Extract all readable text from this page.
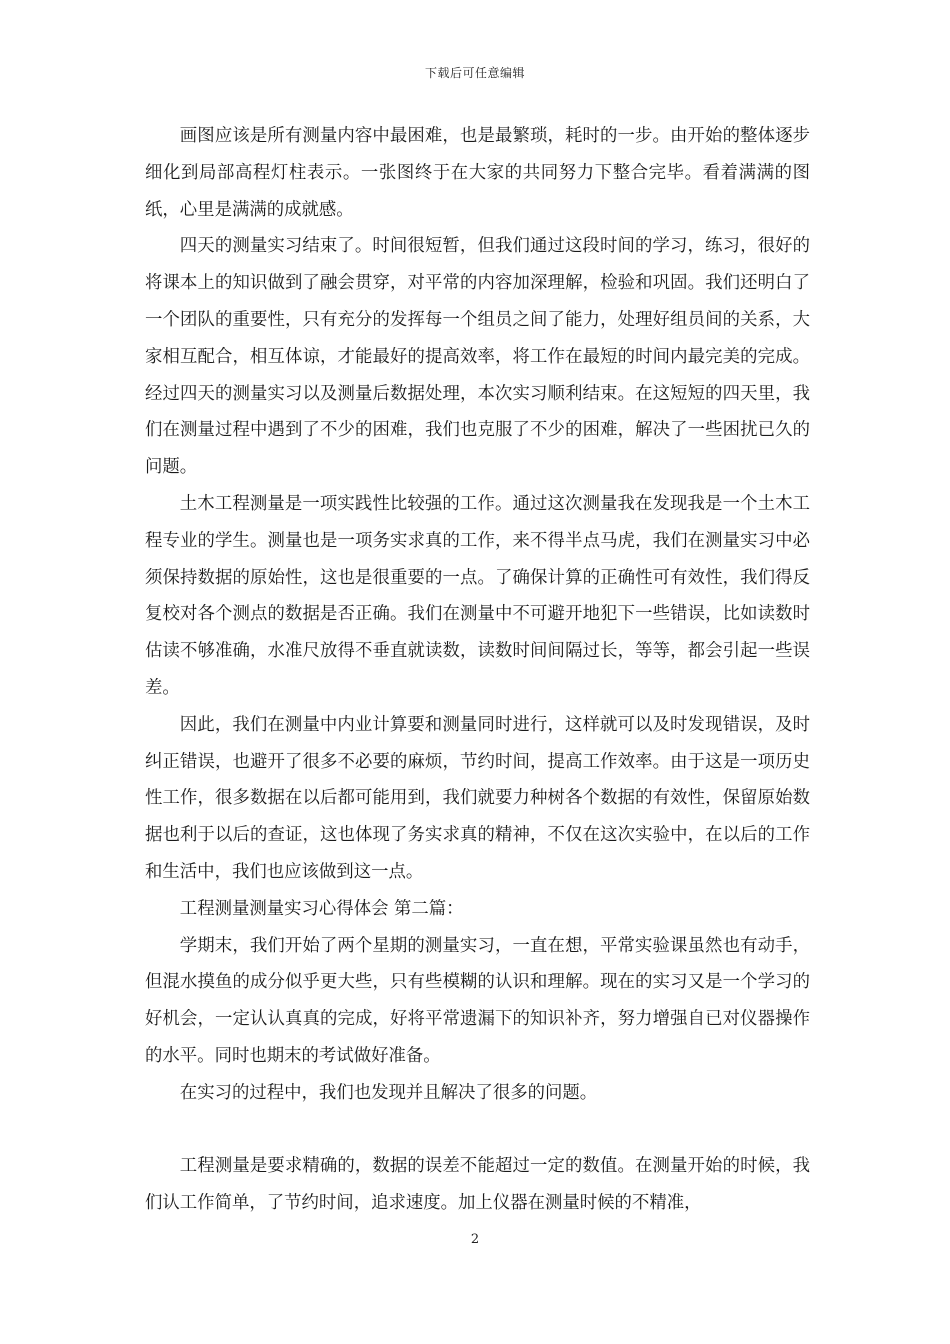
下载后可任意编辑

画图应该是所有测量内容中最困难，也是最繁琐，耗时的一步。由开始的整体逐步细化到局部高程灯柱表示。一张图终于在大家的共同努力下整合完毕。看着满满的图纸，心里是满满的成就感。

四天的测量实习结束了。时间很短暂，但我们通过这段时间的学习，练习，很好的将课本上的知识做到了融会贯穿，对平常的内容加深理解，检验和巩固。我们还明白了一个团队的重要性，只有充分的发挥每一个组员之间了能力，处理好组员间的关系，大家相互配合，相互体谅，才能最好的提高效率，将工作在最短的时间内最完美的完成。经过四天的测量实习以及测量后数据处理，本次实习顺利结束。在这短短的四天里，我们在测量过程中遇到了不少的困难，我们也克服了不少的困难，解决了一些困扰已久的问题。

土木工程测量是一项实践性比较强的工作。通过这次测量我在发现我是一个土木工程专业的学生。测量也是一项务实求真的工作，来不得半点马虎，我们在测量实习中必须保持数据的原始性，这也是很重要的一点。了确保计算的正确性可有效性，我们得反复校对各个测点的数据是否正确。我们在测量中不可避开地犯下一些错误，比如读数时估读不够准确，水准尺放得不垂直就读数，读数时间间隔过长，等等，都会引起一些误差。

因此，我们在测量中内业计算要和测量同时进行，这样就可以及时发现错误，及时纠正错误，也避开了很多不必要的麻烦，节约时间，提高工作效率。由于这是一项历史性工作，很多数据在以后都可能用到，我们就要力种树各个数据的有效性，保留原始数据也利于以后的查证，这也体现了务实求真的精神，不仅在这次实验中，在以后的工作和生活中，我们也应该做到这一点。

工程测量测量实习心得体会 第二篇：

学期末，我们开始了两个星期的测量实习，一直在想，平常实验课虽然也有动手，但混水摸鱼的成分似乎更大些，只有些模糊的认识和理解。现在的实习又是一个学习的好机会，一定认认真真的完成，好将平常遗漏下的知识补齐，努力增强自已对仪器操作的水平。同时也期末的考试做好准备。

在实习的过程中，我们也发现并且解决了很多的问题。

工程测量是要求精确的，数据的误差不能超过一定的数值。在测量开始的时候，我们认工作简单，了节约时间，追求速度。加上仪器在测量时候的不精准，

2
